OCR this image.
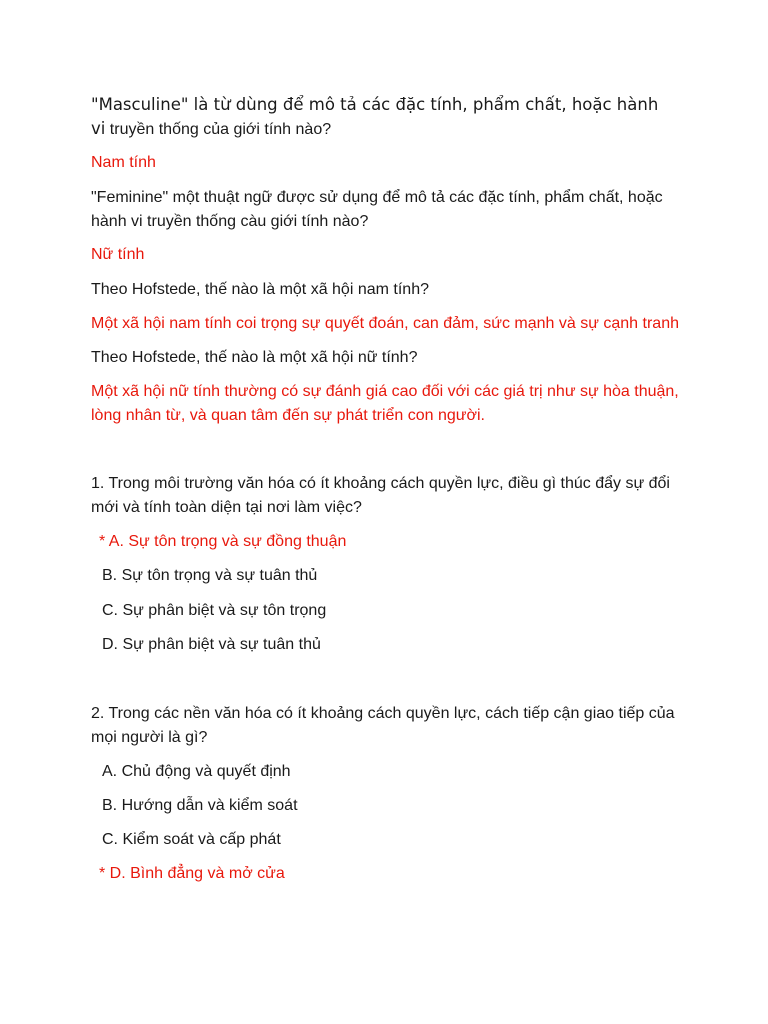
"Masculine" là từ dùng để mô tả các đặc tính, phẩm chất, hoặc hành

vi truyền thống của giới tính nào?

Nam tính

"Feminine" một thuật ngữ được sử dụng để mô tả các đặc tính, phẩm chất, hoặc

hành vi truyền thống càu giới tính nào?

Nữ tính

Theo Hofstede, thế nào là một xã hội nam tính?

Một xã hội nam tính coi trọng sự quyết đoán, can đảm, sức mạnh và sự cạnh tranh

Theo Hofstede, thế nào là một xã hội nữ tính?

Một xã hội nữ tính thường có sự đánh giá cao đối với các giá trị như sự hòa thuận,

lòng nhân từ, và quan tâm đến sự phát triển con người.

1. Trong môi trường văn hóa có ít khoảng cách quyền lực, điều gì thúc đẩy sự đổi

mới và tính toàn diện tại nơi làm việc?

* A. Sự tôn trọng và sự đồng thuận

B. Sự tôn trọng và sự tuân thủ

C. Sự phân biệt và sự tôn trọng

D. Sự phân biệt và sự tuân thủ

2. Trong các nền văn hóa có ít khoảng cách quyền lực, cách tiếp cận giao tiếp của

mọi người là gì?

A. Chủ động và quyết định

B. Hướng dẫn và kiểm soát

C. Kiểm soát và cấp phát

* D. Bình đẳng và mở cửa
